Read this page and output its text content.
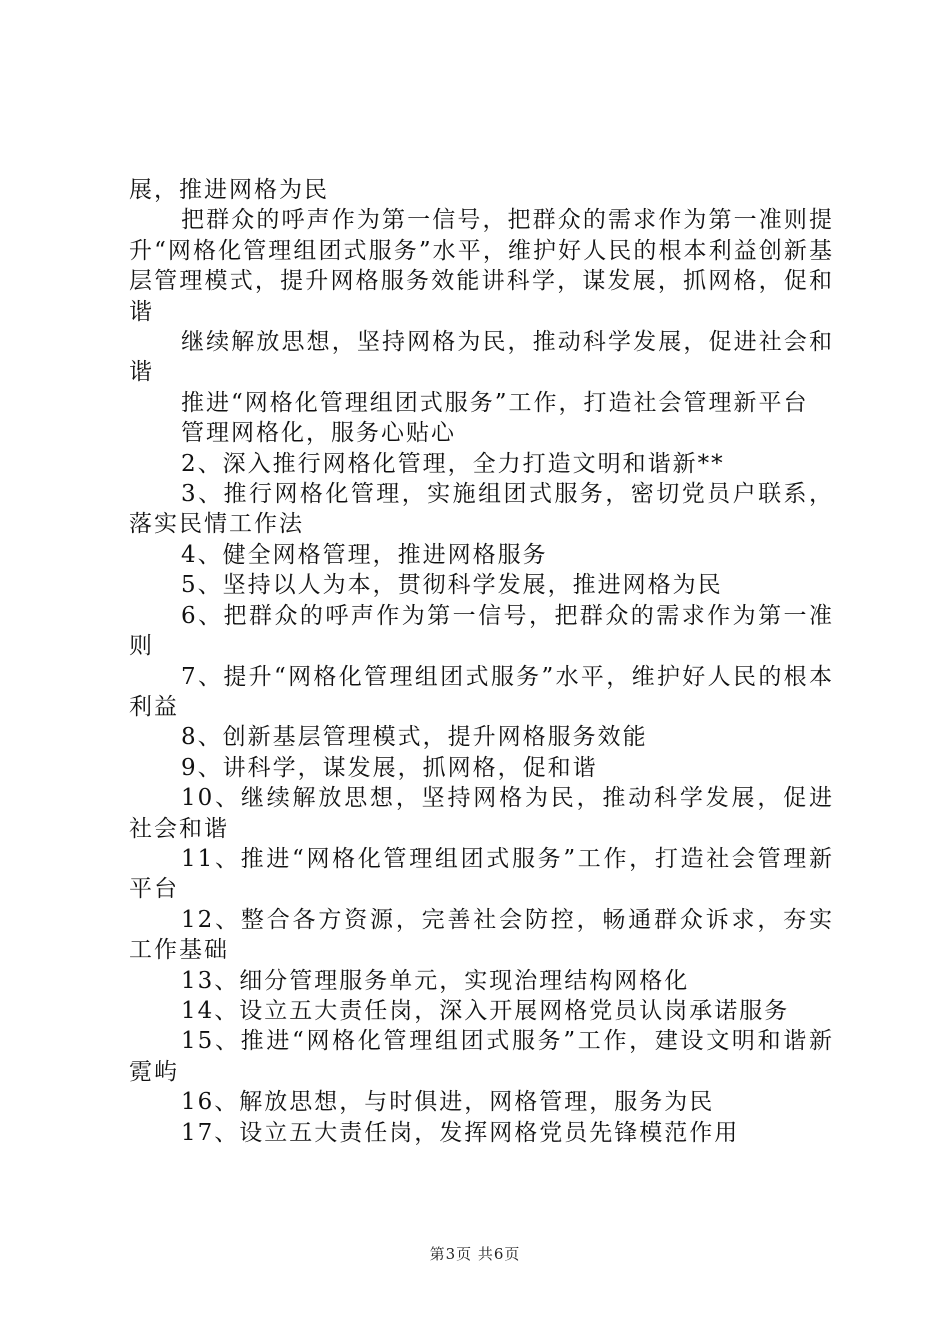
展，推进网格为民

把群众的呼声作为第一信号，把群众的需求作为第一准则提升“网格化管理组团式服务”水平，维护好人民的根本利益创新基层管理模式，提升网格服务效能讲科学，谋发展，抓网格，促和谐

继续解放思想，坚持网格为民，推动科学发展，促进社会和谐

推进“网格化管理组团式服务”工作，打造社会管理新平台

管理网格化，服务心贴心

2、深入推行网格化管理，全力打造文明和谐新**

3、推行网格化管理，实施组团式服务，密切党员户联系，落实民情工作法

4、健全网格管理，推进网格服务

5、坚持以人为本，贯彻科学发展，推进网格为民

6、把群众的呼声作为第一信号，把群众的需求作为第一准则

7、提升“网格化管理组团式服务”水平，维护好人民的根本利益

8、创新基层管理模式，提升网格服务效能

9、讲科学，谋发展，抓网格，促和谐

10、继续解放思想，坚持网格为民，推动科学发展，促进社会和谐

11、推进“网格化管理组团式服务”工作，打造社会管理新平台

12、整合各方资源，完善社会防控，畅通群众诉求，夯实工作基础

13、细分管理服务单元，实现治理结构网格化

14、设立五大责任岗，深入开展网格党员认岗承诺服务

15、推进“网格化管理组团式服务”工作，建设文明和谐新霓屿

16、解放思想，与时俱进，网格管理，服务为民

17、设立五大责任岗，发挥网格党员先锋模范作用

第3页 共6页
